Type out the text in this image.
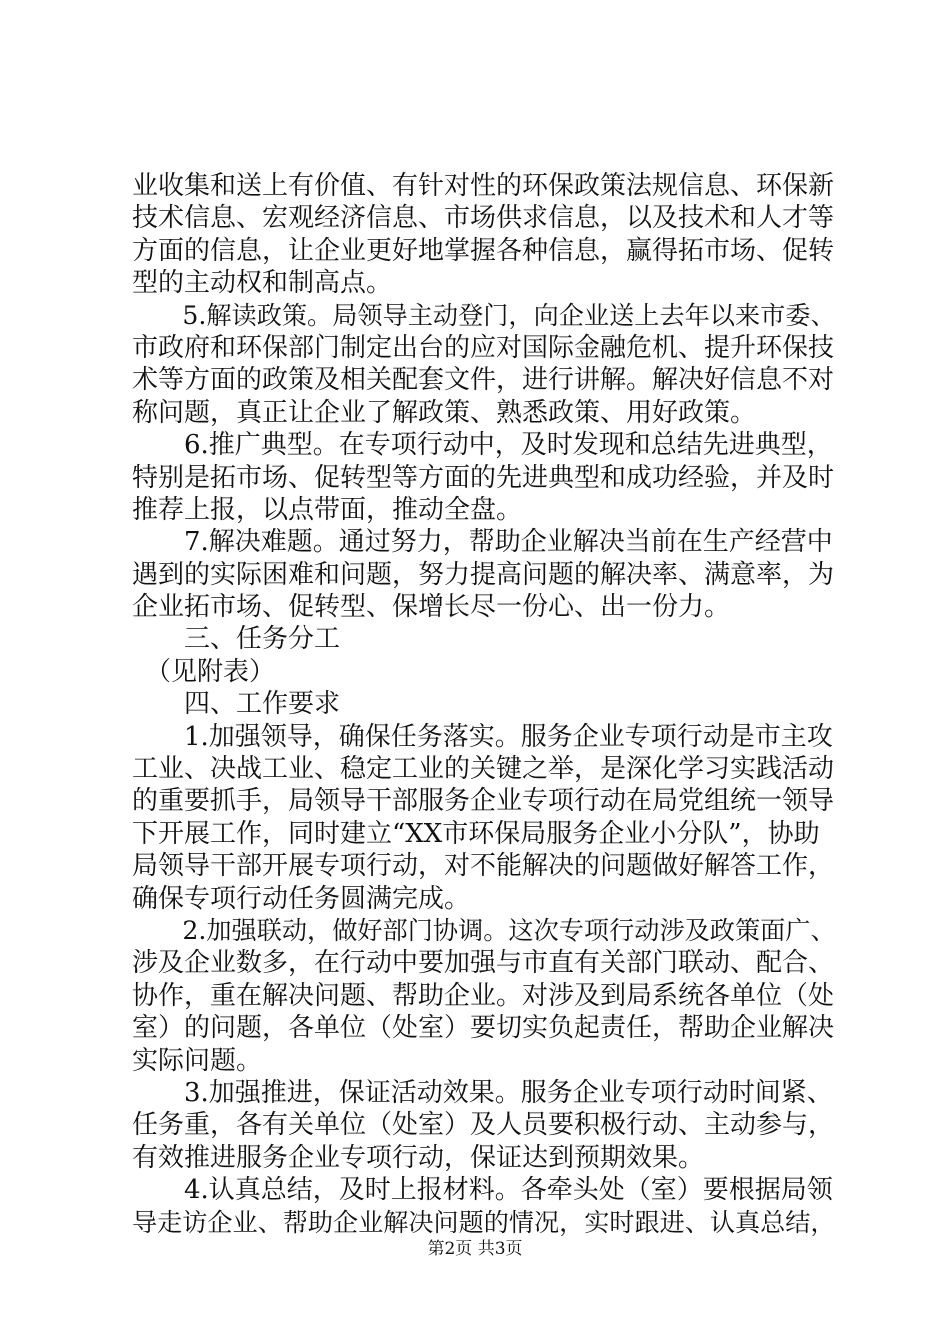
业收集和送上有价值、有针对性的环保政策法规信息、环保新
技术信息、宏观经济信息、市场供求信息，以及技术和人才等
方面的信息，让企业更好地掌握各种信息，赢得拓市场、促转
型的主动权和制高点。
　　5.解读政策。局领导主动登门，向企业送上去年以来市委、
市政府和环保部门制定出台的应对国际金融危机、提升环保技
术等方面的政策及相关配套文件，进行讲解。解决好信息不对
称问题，真正让企业了解政策、熟悉政策、用好政策。
　　6.推广典型。在专项行动中，及时发现和总结先进典型，
特别是拓市场、促转型等方面的先进典型和成功经验，并及时
推荐上报，以点带面，推动全盘。
　　7.解决难题。通过努力，帮助企业解决当前在生产经营中
遇到的实际困难和问题，努力提高问题的解决率、满意率，为
企业拓市场、促转型、保增长尽一份心、出一份力。
　　三、任务分工
　（见附表）
　　四、工作要求
　　1.加强领导，确保任务落实。服务企业专项行动是市主攻
工业、决战工业、稳定工业的关键之举，是深化学习实践活动
的重要抓手，局领导干部服务企业专项行动在局党组统一领导
下开展工作，同时建立“XX市环保局服务企业小分队”，协助
局领导干部开展专项行动，对不能解决的问题做好解答工作，
确保专项行动任务圆满完成。
　　2.加强联动，做好部门协调。这次专项行动涉及政策面广、
涉及企业数多，在行动中要加强与市直有关部门联动、配合、
协作，重在解决问题、帮助企业。对涉及到局系统各单位（处
室）的问题，各单位（处室）要切实负起责任，帮助企业解决
实际问题。
　　3.加强推进，保证活动效果。服务企业专项行动时间紧、
任务重，各有关单位（处室）及人员要积极行动、主动参与，
有效推进服务企业专项行动，保证达到预期效果。
　　4.认真总结，及时上报材料。各牵头处（室）要根据局领
导走访企业、帮助企业解决问题的情况，实时跟进、认真总结，
第2页 共3页
